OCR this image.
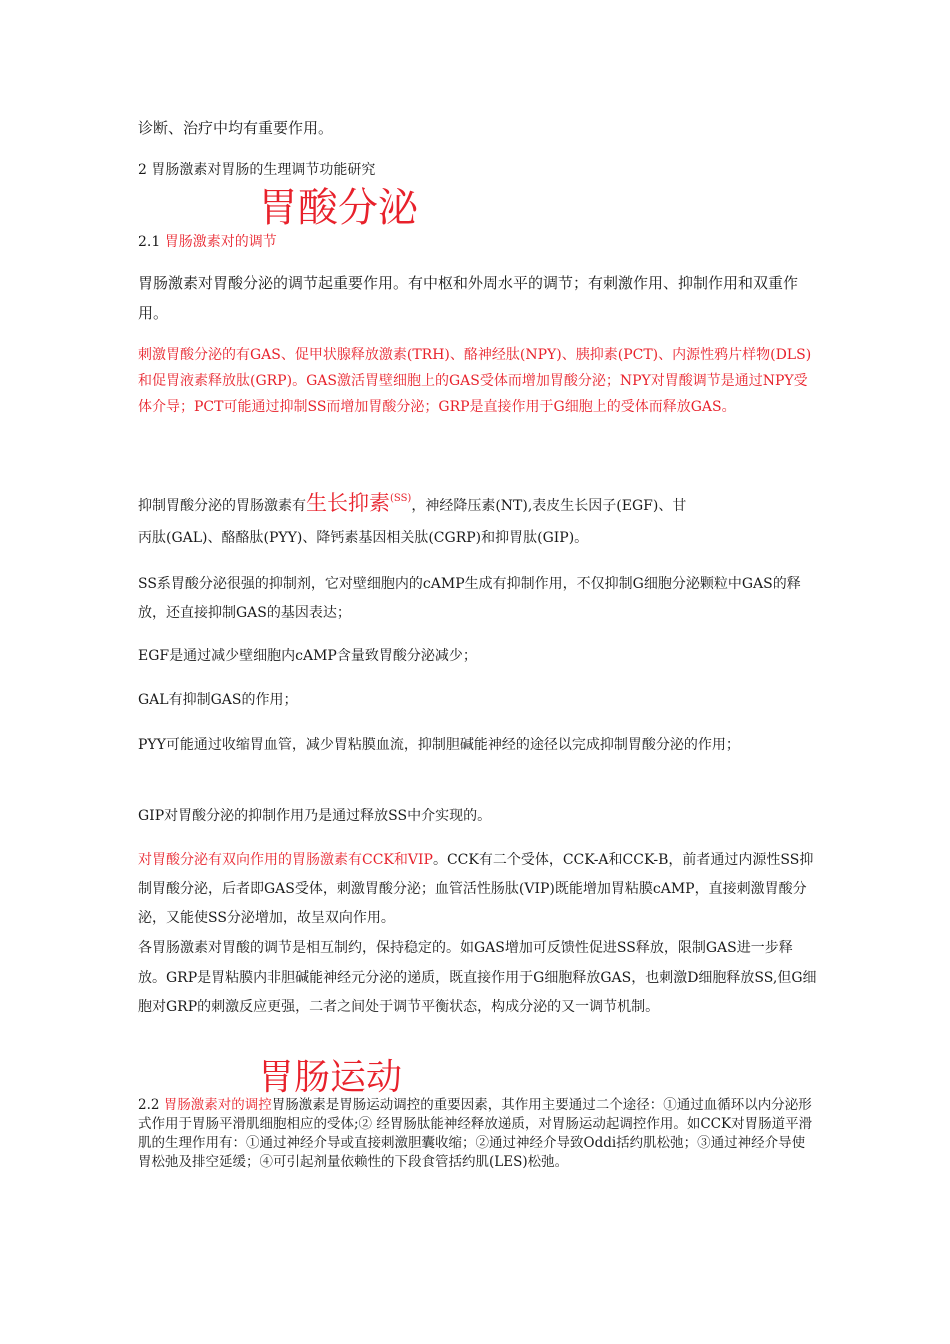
诊断、治疗中均有重要作用。

2 胃肠激素对胃肠的生理调节功能研究

胃酸分泌

2.1 胃肠激素对的调节

胃肠激素对胃酸分泌的调节起重要作用。有中枢和外周水平的调节；有刺激作用、抑制作用和双重作用。

刺激胃酸分泌的有GAS、促甲状腺释放激素(TRH)、酪神经肽(NPY)、胰抑素(PCT)、内源性鸦片样物(DLS)和促胃液素释放肽(GRP)。GAS激活胃壁细胞上的GAS受体而增加胃酸分泌；NPY对胃酸调节是通过NPY受体介导；PCT可能通过抑制SS而增加胃酸分泌；GRP是直接作用于G细胞上的受体而释放GAS。

抑制胃酸分泌的胃肠激素有生长抑素$^{(SS)}$，神经降压素(NT),表皮生长因子(EGF)、甘

丙肽(GAL)、酪酪肽(PYY)、降钙素基因相关肽(CGRP)和抑胃肽(GIP)。

SS系胃酸分泌很强的抑制剂，它对壁细胞内的cAMP生成有抑制作用，不仅抑制G细胞分泌颗粒中GAS的释放，还直接抑制GAS的基因表达；

EGF是通过减少壁细胞内cAMP含量致胃酸分泌减少；

GAL有抑制GAS的作用；

PYY可能通过收缩胃血管，减少胃粘膜血流，抑制胆碱能神经的途径以完成抑制胃酸分泌的作用；

GIP对胃酸分泌的抑制作用乃是通过释放SS中介实现的。

对胃酸分泌有双向作用的胃肠激素有CCK和VIP。CCK有二个受体，CCK-A和CCK-B，前者通过内源性SS抑制胃酸分泌，后者即GAS受体，刺激胃酸分泌；血管活性肠肽(VIP)既能增加胃粘膜cAMP，直接刺激胃酸分泌，又能使SS分泌增加，故呈双向作用。

各胃肠激素对胃酸的调节是相互制约，保持稳定的。如GAS增加可反馈性促进SS释放，限制GAS进一步释放。GRP是胃粘膜内非胆碱能神经元分泌的递质，既直接作用于G细胞释放GAS，也刺激D细胞释放SS,但G细胞对GRP的刺激反应更强，二者之间处于调节平衡状态，构成分泌的又一调节机制。

胃肠运动

2.2 胃肠激素对的调控胃肠激素是胃肠运动调控的重要因素，其作用主要通过二个途径：①通过血循环以内分泌形式作用于胃肠平滑肌细胞相应的受体;② 经胃肠肽能神经释放递质，对胃肠运动起调控作用。如CCK对胃肠道平滑肌的生理作用有：①通过神经介导或直接刺激胆囊收缩；②通过神经介导致Oddi括约肌松弛；③通过神经介导使胃松弛及排空延缓；④可引起剂量依赖性的下段食管括约肌(LES)松弛。
